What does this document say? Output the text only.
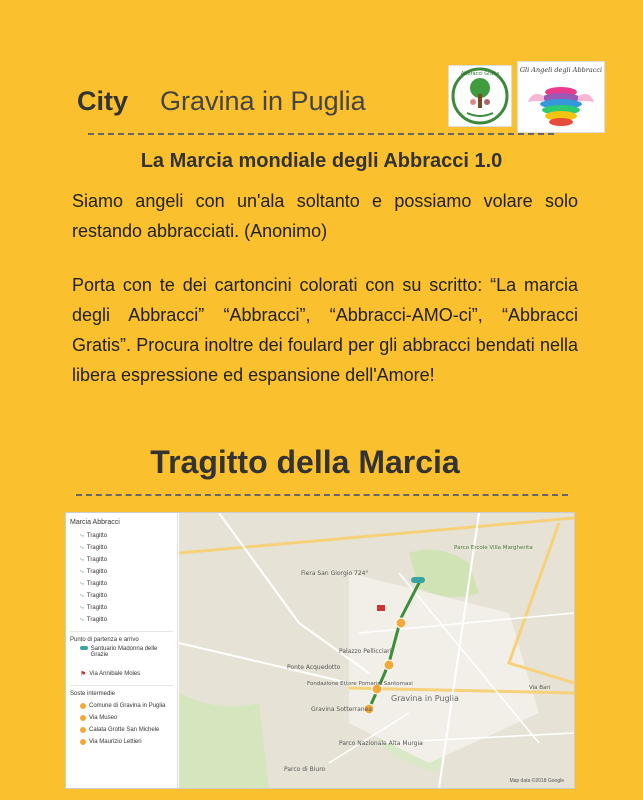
City Gravina in Puglia
Abbracci Gratis	Gli Angeli degli Abbracci
La Marcia mondiale degli Abbracci 1.0
Siamo angeli con un'ala soltanto e possiamo volare solo restando abbracciati. (Anonimo)
Porta con te dei cartoncini colorati con su scritto: “La marcia degli Abbracci” “Abbracci”, “Abbracci-AMO-ci”, “Abbracci Gratis”. Procura inoltre dei foulard per gli abbracci bendati nella libera espressione ed espansione dell'Amore!
Tragitto della Marcia
Marcia Abbracci
⤷ Tragitto
⤷ Tragitto
⤷ Tragitto
⤷ Tragitto
⤷ Tragitto
⤷ Tragitto
⤷ Tragitto
⤷ Tragitto
Punto di partenza e arrivo
Santuario Madonna delle Grazie
⚑ Via Annibale Moles
Soste intermedie
Comune di Gravina in Puglia
Via Museo
Calata Grotte San Michele
Via Maurizio Lettieri
Fiera San Giorgio 724°
Parco Ercole Villa Margherita
Palazzo Pellicciari
Ponte Acquedotto
Fondazione Ettore Pomarici Santomasi
Gravina in Puglia
Gravina Sotterranea
Parco Nazionale Alta Murgia
Parco di Biuro
Via Bari
Map data ©2018 Google
